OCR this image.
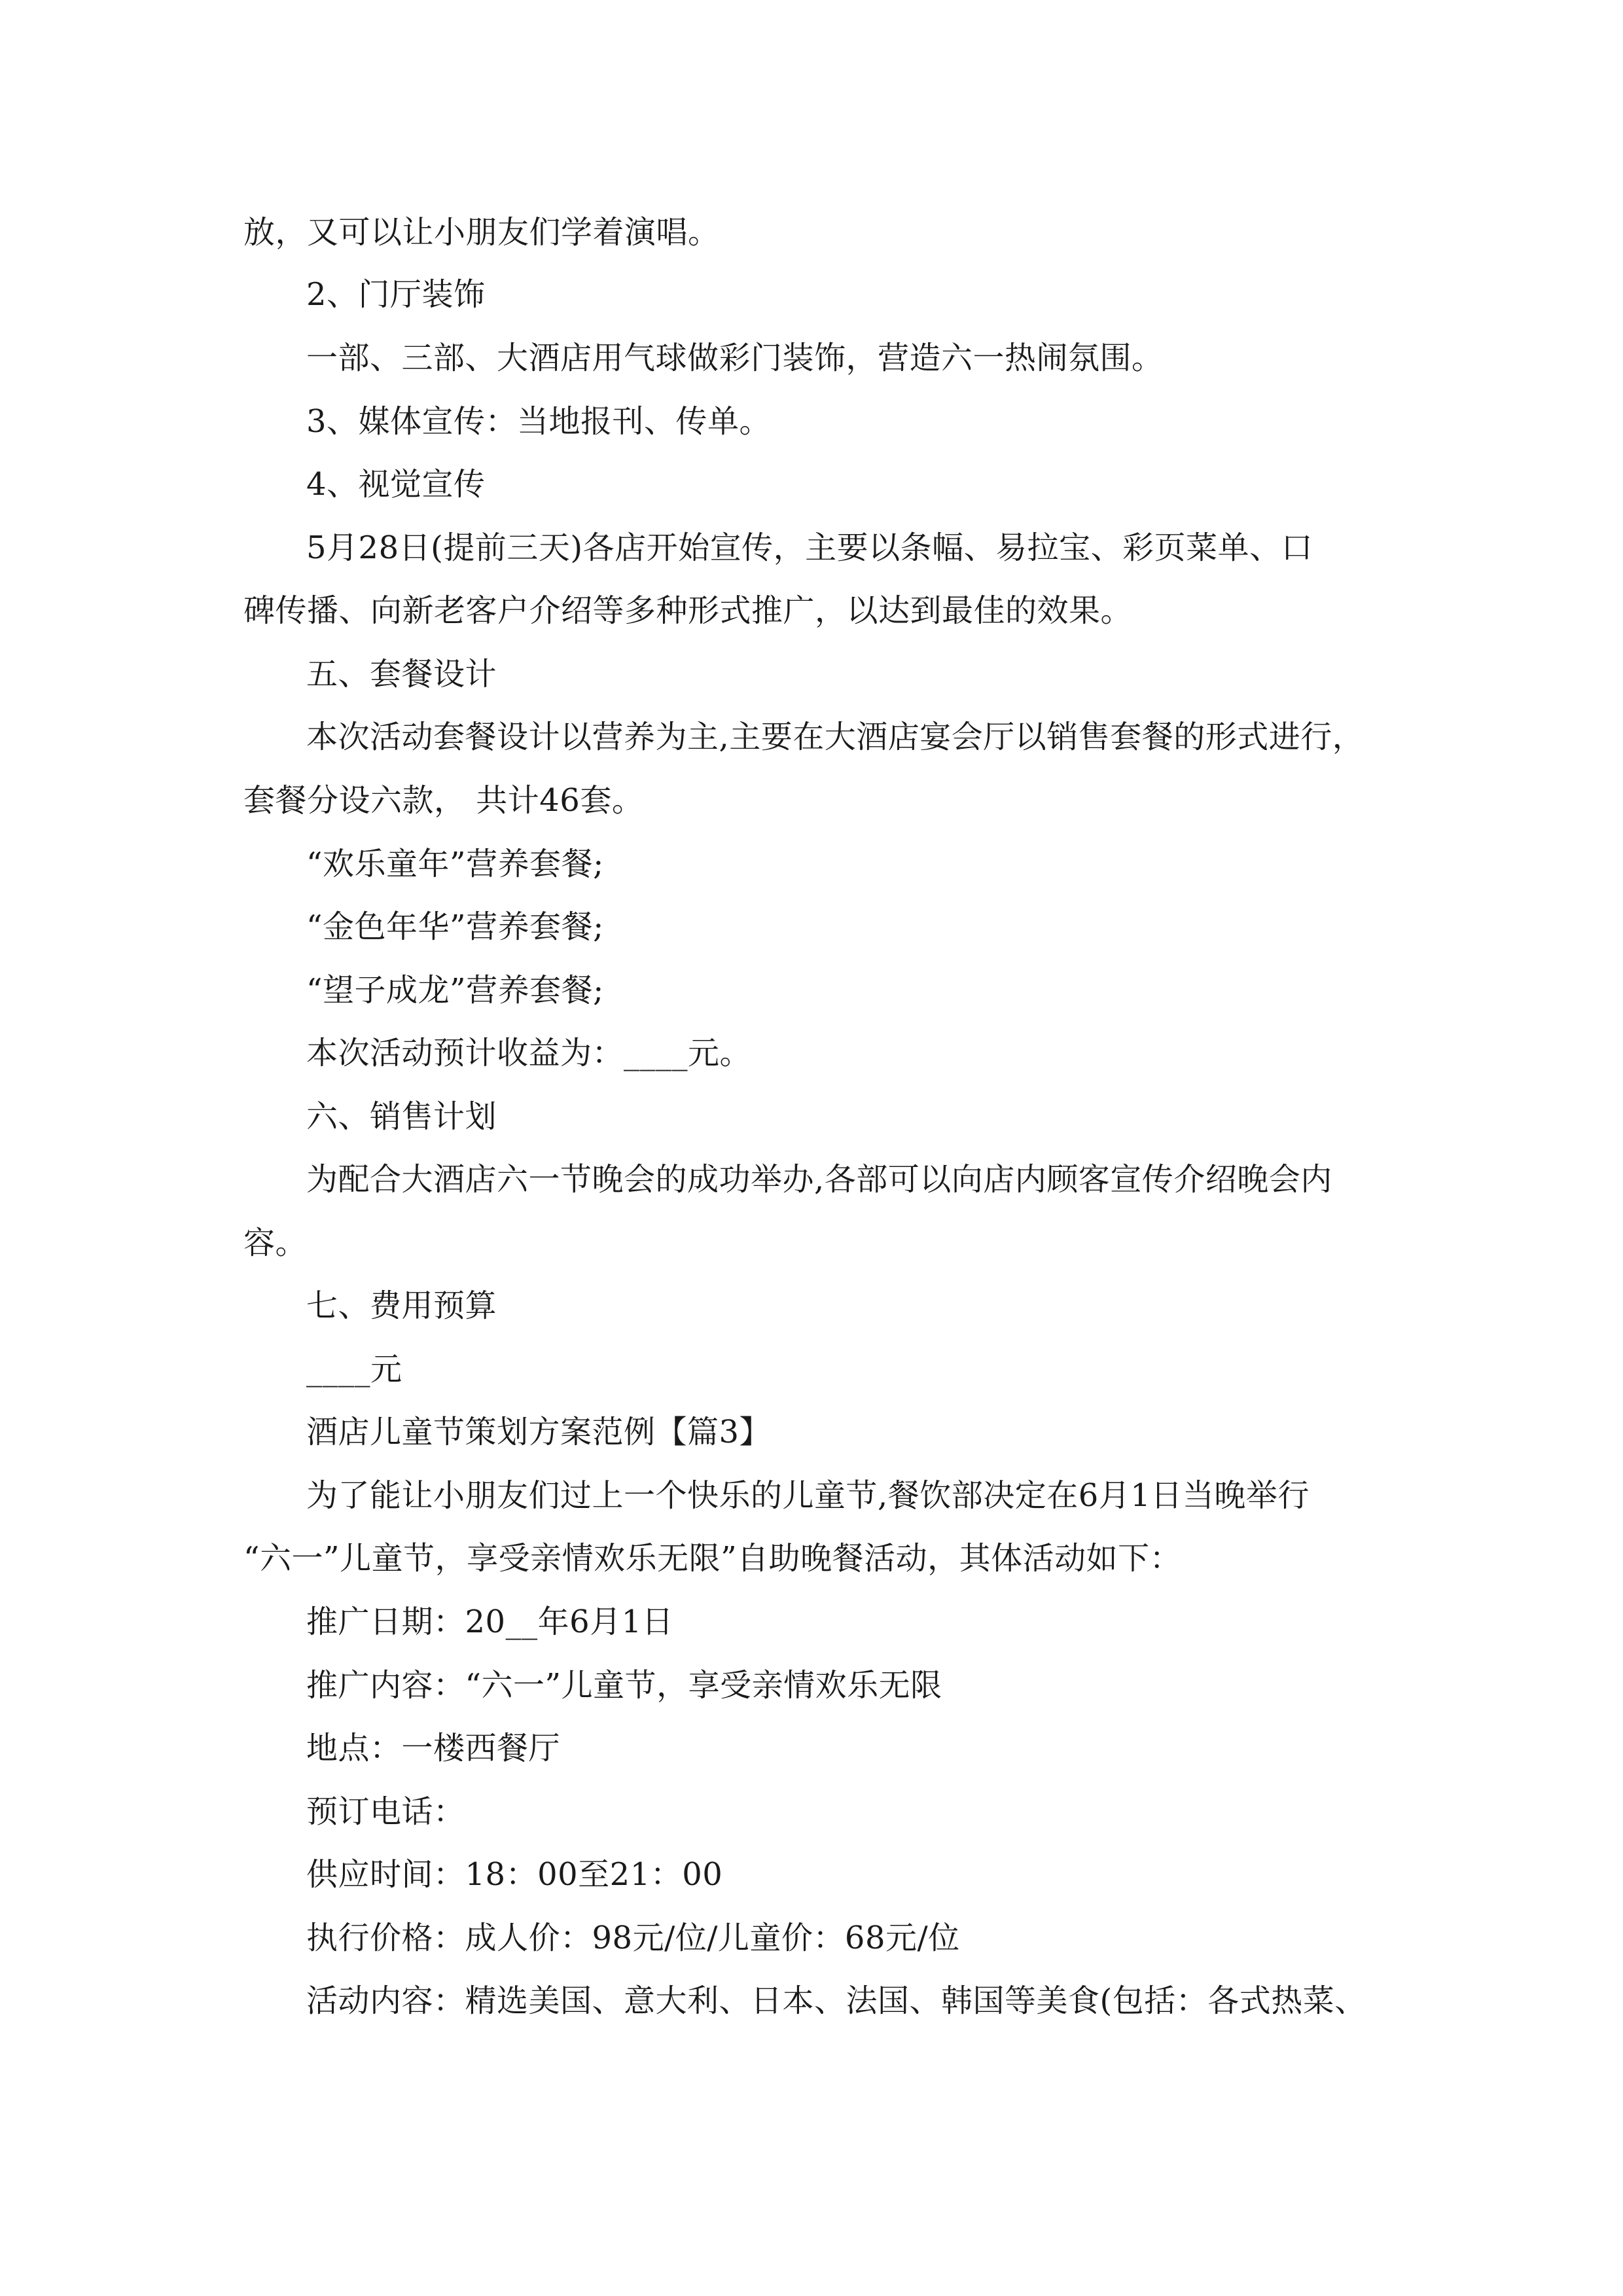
放，又可以让小朋友们学着演唱。
2、门厅装饰
一部、三部、大酒店用气球做彩门装饰，营造六一热闹氛围。
3、媒体宣传：当地报刊、传单。
4、视觉宣传
5月28日(提前三天)各店开始宣传，主要以条幅、易拉宝、彩页菜单、口
碑传播、向新老客户介绍等多种形式推广，以达到最佳的效果。
五、套餐设计
本次活动套餐设计以营养为主,主要在大酒店宴会厅以销售套餐的形式进行，
套餐分设六款， 共计46套。
“欢乐童年”营养套餐;
“金色年华”营养套餐;
“望子成龙”营养套餐;
本次活动预计收益为：____元。
六、销售计划
为配合大酒店六一节晚会的成功举办,各部可以向店内顾客宣传介绍晚会内
容。
七、费用预算
____元
酒店儿童节策划方案范例【篇3】
为了能让小朋友们过上一个快乐的儿童节,餐饮部决定在6月1日当晚举行
“六一”儿童节，享受亲情欢乐无限”自助晚餐活动，其体活动如下：
推广日期：20__年6月1日
推广内容：“六一”儿童节，享受亲情欢乐无限
地点：一楼西餐厅
预订电话：
供应时间：18：00至21：00
执行价格：成人价：98元/位/儿童价：68元/位
活动内容：精选美国、意大利、日本、法国、韩国等美食(包括：各式热菜、
